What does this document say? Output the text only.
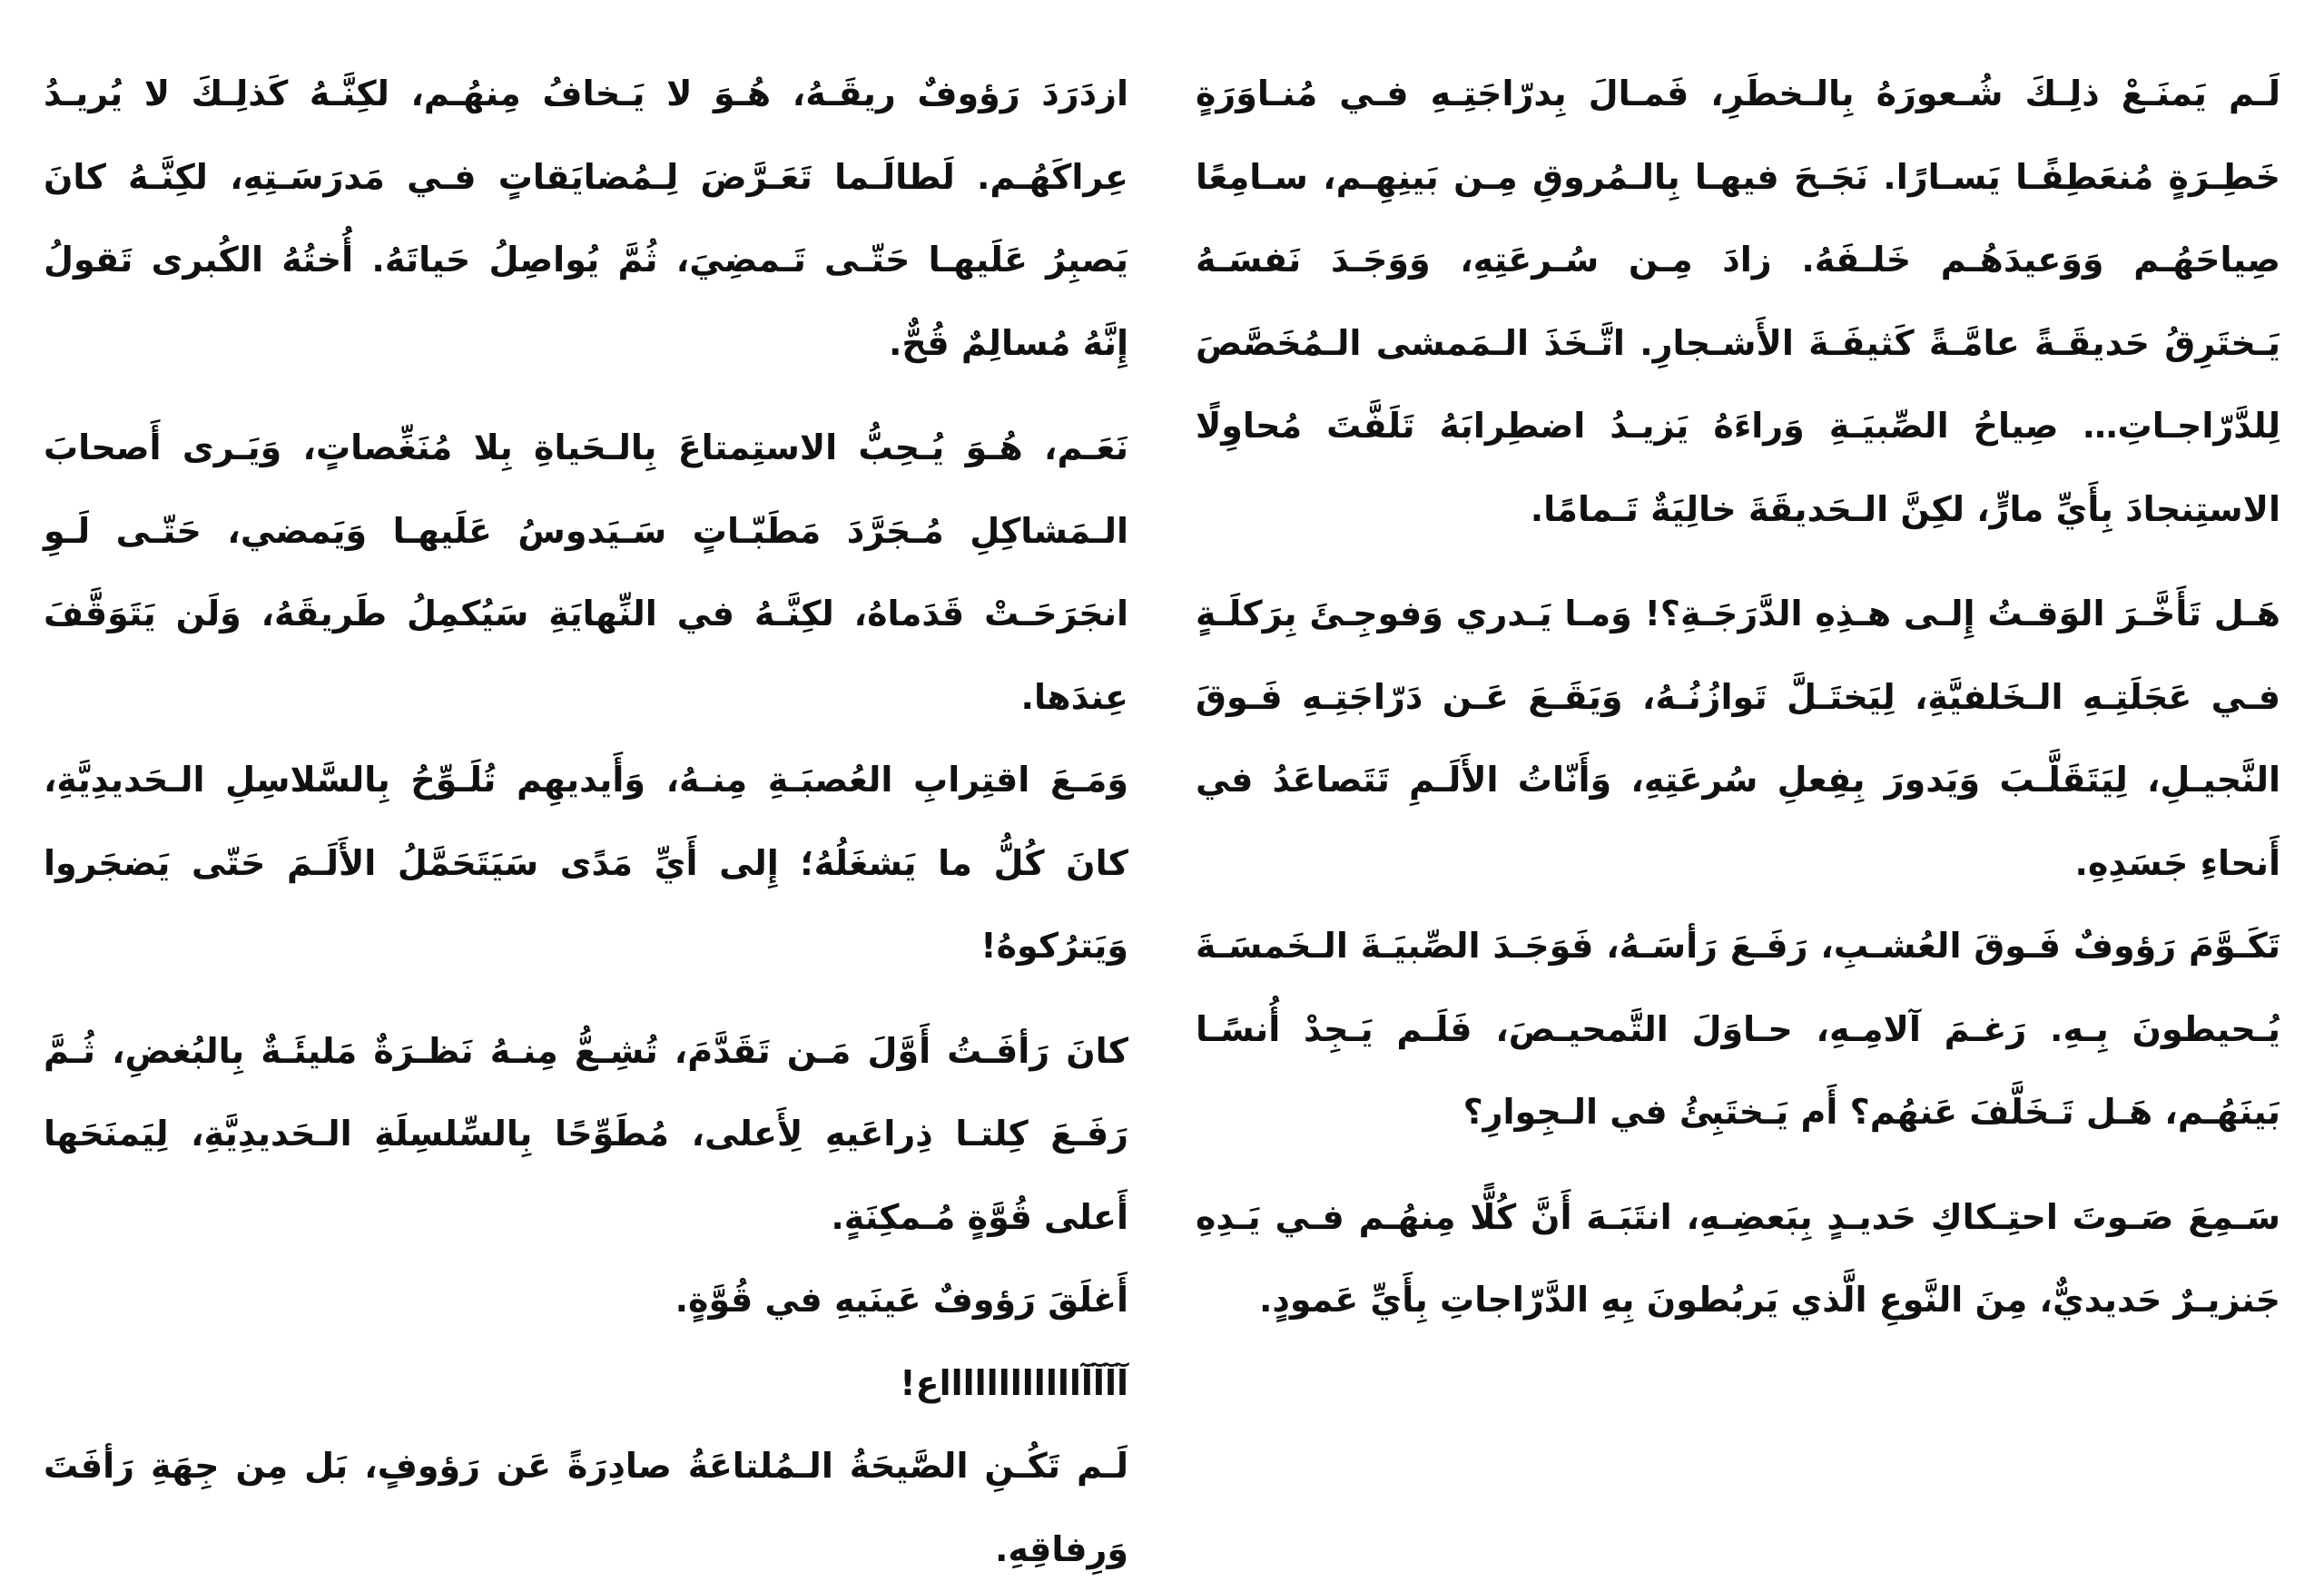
لَـم يَمنَـعْ ذلِـكَ شُـعورَهُ بِالـخطَرِ، فَمـالَ بِدرّاجَتِـهِ فـي مُنـاوَرَةٍ خَطِـرَةٍ مُنعَطِفًـا يَسـارًا. نَجَـحَ فيهـا بِالـمُروقِ مِـن بَينِهِـم، سـامِعًا صِياحَهُـم وَوَعيدَهُـم خَلـفَهُ. زادَ مِـن سُـرعَتِهِ، وَوَجَـدَ نَفسَـهُ يَـختَرِقُ حَديقَـةً عامَّـةً كَثيفَـةَ الأَشـجارِ. اتَّـخَذَ الـمَمشى الـمُخَصَّصَ لِلدَّرّاجـاتِ… صِياحُ الصِّبيَـةِ وَراءَهُ يَزيـدُ اضطِرابَهُ تَلَفَّتَ مُحاوِلًا الاستِنجادَ بِأَيِّ مارٍّ، لكِنَّ الـحَديقَةَ خالِيَةٌ تَـمامًا.

هَـل تَأَخَّـرَ الوَقـتُ إِلـى هـذِهِ الدَّرَجَـةِ؟! وَمـا يَـدري وَفوجِـئَ بِرَكلَـةٍ فـي عَجَلَتِـهِ الـخَلفيَّةِ، لِيَختَـلَّ تَوازُنُـهُ، وَيَقَـعَ عَـن دَرّاجَتِـهِ فَـوقَ النَّجيـلِ، لِيَتَقَلَّـبَ وَيَدورَ بِفِعلِ سُرعَتِهِ، وَأَنّاتُ الأَلَـمِ تَتَصاعَدُ في أَنحاءِ جَسَدِهِ.

تَكَـوَّمَ رَؤوفٌ فَـوقَ العُشـبِ، رَفَـعَ رَأسَـهُ، فَوَجَـدَ الصِّبيَـةَ الـخَمسَـةَ يُـحيطونَ بِـهِ. رَغـمَ آلامِـهِ، حـاوَلَ التَّمحيـصَ، فَلَـم يَـجِدْ أُنسًـا بَينَهُـم، هَـل تَـخَلَّفَ عَنهُم؟ أَم يَـختَبِئُ في الـجِوارِ؟

سَـمِعَ صَـوتَ احتِـكاكِ حَديـدٍ بِبَعضِـهِ، انتَبَـهَ أَنَّ كُلًّا مِنهُـم فـي يَـدِهِ جَنزيـرٌ حَديديٌّ، مِنَ النَّوعِ الَّذي يَربُطونَ بِهِ الدَّرّاجاتِ بِأَيِّ عَمودٍ.

ازدَرَدَ رَؤوفٌ ريقَـهُ، هُـوَ لا يَـخافُ مِنهُـم، لكِنَّـهُ كَذلِـكَ لا يُريـدُ عِراكَهُـم. لَطالَـما تَعَـرَّضَ لِـمُضايَقاتٍ فـي مَدرَسَـتِهِ، لكِنَّـهُ كانَ يَصبِرُ عَلَيهـا حَتّـى تَـمضِيَ، ثُمَّ يُواصِلُ حَياتَهُ. أُختُهُ الكُبرى تَقولُ إِنَّهُ مُسالِمٌ قُحٌّ.

نَعَـم، هُـوَ يُـحِبُّ الاستِمتاعَ بِالـحَياةِ بِلا مُنَغِّصاتٍ، وَيَـرى أَصحابَ الـمَشاكِلِ مُـجَرَّدَ مَطَبّـاتٍ سَـيَدوسُ عَلَيهـا وَيَمضي، حَتّـى لَـوِ انجَرَحَـتْ قَدَماهُ، لكِنَّـهُ في النِّهايَةِ سَيُكمِلُ طَريقَهُ، وَلَن يَتَوَقَّفَ عِندَها.

وَمَـعَ اقتِرابِ العُصبَـةِ مِنـهُ، وَأَيديهِم تُلَـوِّحُ بِالسَّلاسِلِ الـحَديدِيَّةِ، كانَ كُلُّ ما يَشغَلُهُ؛ إِلى أَيِّ مَدًى سَيَتَحَمَّلُ الأَلَـمَ حَتّى يَضجَروا وَيَترُكوهُ!

كانَ رَأفَـتُ أَوَّلَ مَـن تَقَدَّمَ، تُشِـعُّ مِنـهُ نَظـرَةٌ مَليئَـةٌ بِالبُغضِ، ثُـمَّ رَفَـعَ كِلتـا ذِراعَيهِ لِأَعلى، مُطَوِّحًا بِالسِّلسِلَةِ الـحَديدِيَّةِ، لِيَمنَحَها أَعلى قُوَّةٍ مُـمكِنَةٍ.

أَغلَقَ رَؤوفٌ عَينَيهِ في قُوَّةٍ.

آآآآااااااااااااع!

لَـم تَكُـنِ الصَّيحَةُ الـمُلتاعَةُ صادِرَةً عَن رَؤوفٍ، بَل مِن جِهَةِ رَأفَتَ وَرِفاقِهِ.
